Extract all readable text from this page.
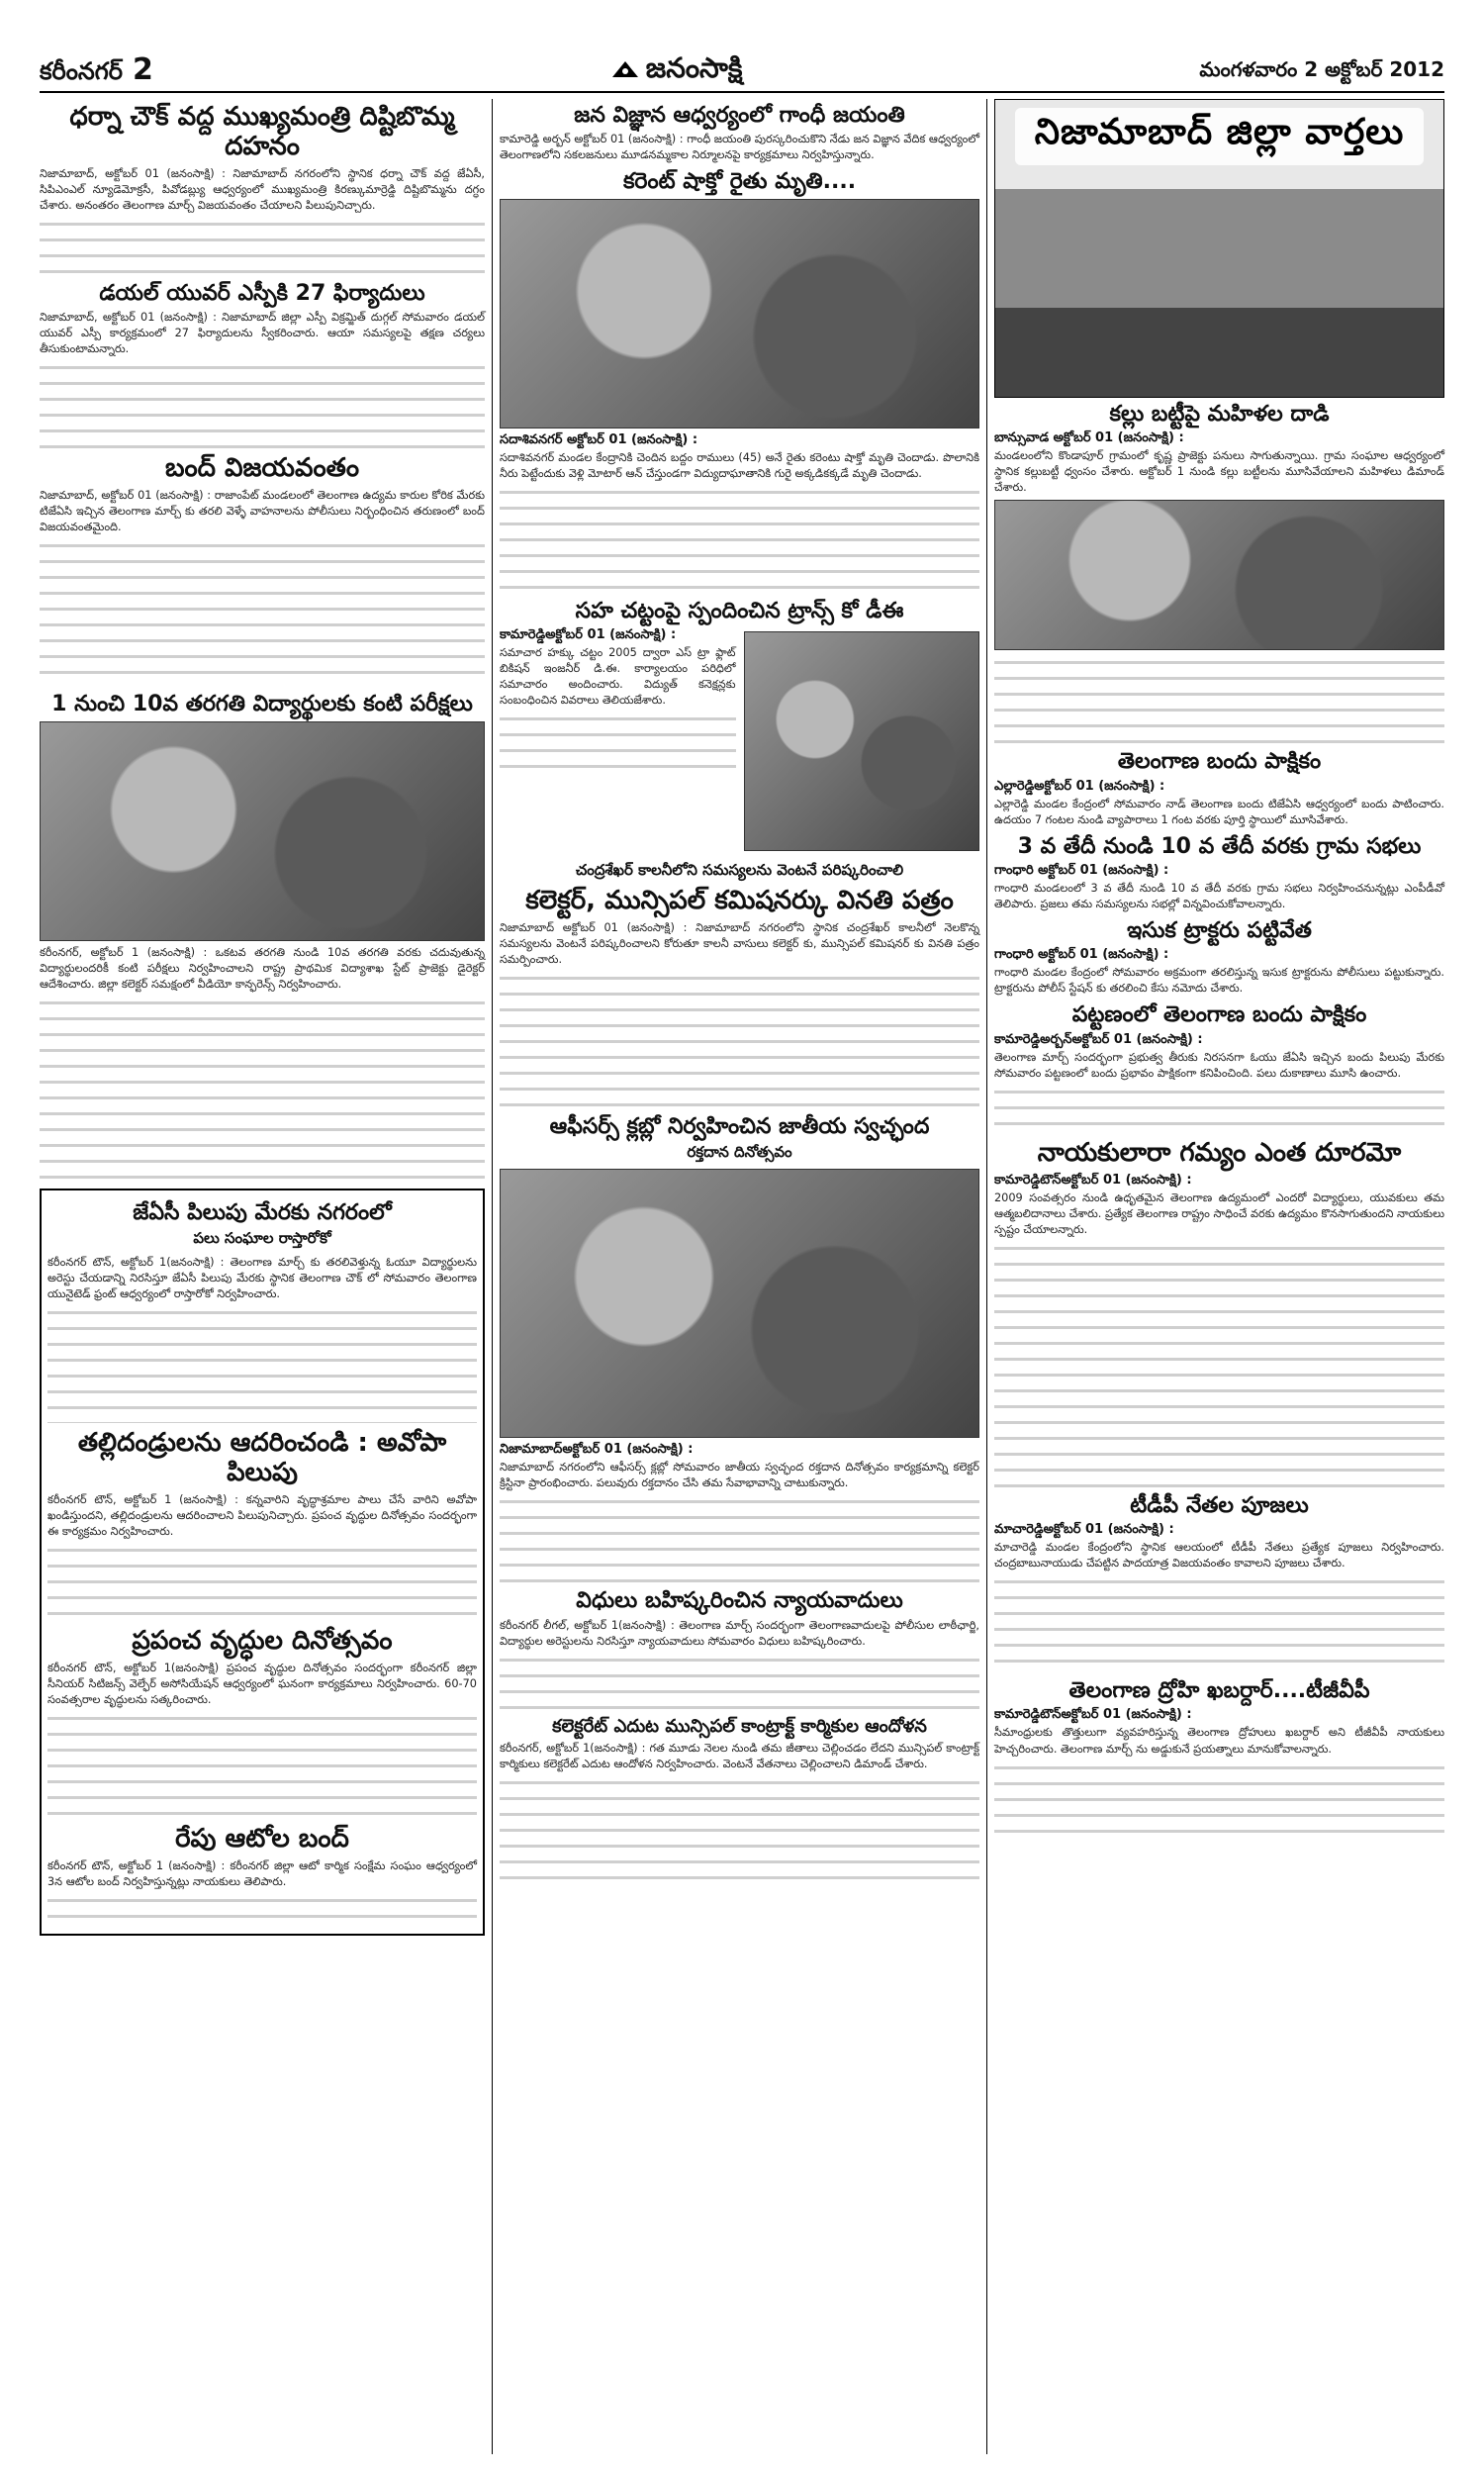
కరీంనగర్ 2	జనంసాక్షి	మంగళవారం 2 అక్టోబర్ 2012
ధర్నా చౌక్ వద్ద ముఖ్యమంత్రి దిష్టిబొమ్మ దహనం

నిజామాబాద్, అక్టోబర్ 01 (జనంసాక్షి) : నిజామాబాద్ నగరంలోని స్థానిక ధర్నా చౌక్ వద్ద జేఏసీ, సిపిఎంఎల్ న్యూడెమోక్రసీ, పివోడబ్ల్యు ఆధ్వర్యంలో ముఖ్యమంత్రి కిరణ్కుమార్రెడ్డి దిష్టిబొమ్మను దగ్ధం చేశారు. అనంతరం తెలంగాణ మార్చ్ విజయవంతం చేయాలని పిలుపునిచ్చారు.

డయల్ యువర్ ఎస్పీకి 27 ఫిర్యాదులు

నిజామాబాద్, అక్టోబర్ 01 (జనంసాక్షి) : నిజామాబాద్ జిల్లా ఎస్పీ విక్రమ్జిత్ దుగ్గల్ సోమవారం డయల్ యువర్ ఎస్పీ కార్యక్రమంలో 27 ఫిర్యాదులను స్వీకరించారు. ఆయా సమస్యలపై తక్షణ చర్యలు తీసుకుంటామన్నారు.

బంద్ విజయవంతం

నిజామాబాద్, అక్టోబర్ 01 (జనంసాక్షి) : రాజాంపేట్ మండలంలో తెలంగాణ ఉద్యమ కారుల కోరిక మేరకు టిజేఏసి ఇచ్చిన తెలంగాణ మార్చ్ కు తరలి వెళ్ళే వాహనాలను పోలీసులు నిర్బంధించిన తరుణంలో బంద్ విజయవంతమైంది.

1 నుంచి 10వ తరగతి విద్యార్థులకు కంటి పరీక్షలు

కరీంనగర్, అక్టోబర్ 1 (జనంసాక్షి) : ఒకటవ తరగతి నుండి 10వ తరగతి వరకు చదువుతున్న విద్యార్థులందరికీ కంటి పరీక్షలు నిర్వహించాలని రాష్ట్ర ప్రాథమిక విద్యాశాఖ స్టేట్ ప్రాజెక్టు డైరెక్టర్ ఆదేశించారు. జిల్లా కలెక్టర్ సమక్షంలో వీడియో కాన్ఫరెన్స్ నిర్వహించారు.

జేఏసీ పిలుపు మేరకు నగరంలో
పలు సంఘాల రాస్తారోకో

కరీంనగర్ టౌన్, అక్టోబర్ 1(జనంసాక్షి) : తెలంగాణ మార్చ్ కు తరలివెళ్తున్న ఓయూ విద్యార్థులను అరెస్టు చేయడాన్ని నిరసిస్తూ జేఏసీ పిలుపు మేరకు స్థానిక తెలంగాణ చౌక్ లో సోమవారం తెలంగాణ యునైటెడ్ ఫ్రంట్ ఆధ్వర్యంలో రాస్తారోకో నిర్వహించారు.

తల్లిదండ్రులను ఆదరించండి : అవోపా పిలుపు

కరీంనగర్ టౌన్, అక్టోబర్ 1 (జనంసాక్షి) : కన్నవారిని వృద్ధాశ్రమాల పాలు చేసే వారిని అవోపా ఖండిస్తుందని, తల్లిదండ్రులను ఆదరించాలని పిలుపునిచ్చారు. ప్రపంచ వృద్ధుల దినోత్సవం సందర్భంగా ఈ కార్యక్రమం నిర్వహించారు.

ప్రపంచ వృద్ధుల దినోత్సవం

కరీంనగర్ టౌన్, అక్టోబర్ 1(జనంసాక్షి) ప్రపంచ వృద్ధుల దినోత్సవం సందర్భంగా కరీంనగర్ జిల్లా సీనియర్ సిటిజన్స్ వెల్ఫేర్ అసోసియేషన్ ఆధ్వర్యంలో ఘనంగా కార్యక్రమాలు నిర్వహించారు. 60-70 సంవత్సరాల వృద్ధులను సత్కరించారు.

రేపు ఆటోల బంద్

కరీంనగర్ టౌన్, అక్టోబర్ 1 (జనంసాక్షి) : కరీంనగర్ జిల్లా ఆటో కార్మిక సంక్షేమ సంఘం ఆధ్వర్యంలో 3న ఆటోల బంద్ నిర్వహిస్తున్నట్లు నాయకులు తెలిపారు.

జన విజ్ఞాన ఆధ్వర్యంలో గాంధీ జయంతి

కామారెడ్డి అర్బన్ అక్టోబర్ 01 (జనంసాక్షి) : గాంధీ జయంతి పురస్కరించుకొని నేడు జన విజ్ఞాన వేదిక ఆధ్వర్యంలో తెలంగాణలోని సకలజనులు మూడనమ్మకాల నిర్మూలనపై కార్యక్రమాలు నిర్వహిస్తున్నారు.

కరెంట్ షాక్తో రైతు మృతి....
సదాశివనగర్ అక్టోబర్ 01 (జనంసాక్షి) :

సదాశివనగర్ మండల కేంద్రానికి చెందిన బద్దం రాములు (45) అనే రైతు కరెంటు షాక్తో మృతి చెందాడు. పొలానికి నీరు పెట్టేందుకు వెళ్లి మోటార్ ఆన్ చేస్తుండగా విద్యుదాఘాతానికి గురై అక్కడికక్కడే మృతి చెందాడు.

సహ చట్టంపై స్పందించిన ట్రాన్స్ కో డీఈ
కామారెడ్డిఅక్టోబర్ 01 (జనంసాక్షి) :

సమాచార హక్కు చట్టం 2005 ద్వారా ఎస్ ట్రా ఫ్లాట్ బికిషన్ ఇంజనీర్ డి.ఈ. కార్యాలయం పరిధిలో సమాచారం అందించారు. విద్యుత్ కనెక్షన్లకు సంబంధించిన వివరాలు తెలియజేశారు.

చంద్రశేఖర్ కాలనీలోని సమస్యలను వెంటనే పరిష్కరించాలి
కలెక్టర్, మున్సిపల్ కమిషనర్కు వినతి పత్రం

నిజామాబాద్ అక్టోబర్ 01 (జనంసాక్షి) : నిజామాబాద్ నగరంలోని స్థానిక చంద్రశేఖర్ కాలనీలో నెలకొన్న సమస్యలను వెంటనే పరిష్కరించాలని కోరుతూ కాలనీ వాసులు కలెక్టర్ కు, మున్సిపల్ కమిషనర్ కు వినతి పత్రం సమర్పించారు.

ఆఫీసర్స్ క్లబ్లో నిర్వహించిన జాతీయ స్వచ్ఛంద
రక్తదాన దినోత్సవం
నిజామాబాద్అక్టోబర్ 01 (జనంసాక్షి) :

నిజామాబాద్ నగరంలోని ఆఫీసర్స్ క్లబ్లో సోమవారం జాతీయ స్వచ్ఛంద రక్తదాన దినోత్సవం కార్యక్రమాన్ని కలెక్టర్ క్రిస్టినా ప్రారంభించారు. పలువురు రక్తదానం చేసి తమ సేవాభావాన్ని చాటుకున్నారు.

విధులు బహిష్కరించిన న్యాయవాదులు

కరీంనగర్ లీగల్, అక్టోబర్ 1(జనంసాక్షి) : తెలంగాణ మార్చ్ సందర్భంగా తెలంగాణవాదులపై పోలీసుల లాఠీఛార్జి, విద్యార్థుల అరెస్టులను నిరసిస్తూ న్యాయవాదులు సోమవారం విధులు బహిష్కరించారు.

కలెక్టరేట్ ఎదుట మున్సిపల్ కాంట్రాక్ట్ కార్మికుల ఆందోళన

కరీంనగర్, అక్టోబర్ 1(జనంసాక్షి) : గత మూడు నెలల నుండి తమ జీతాలు చెల్లించడం లేదని మున్సిపల్ కాంట్రాక్ట్ కార్మికులు కలెక్టరేట్ ఎదుట ఆందోళన నిర్వహించారు. వెంటనే వేతనాలు చెల్లించాలని డిమాండ్ చేశారు.

నిజామాబాద్ జిల్లా వార్తలు
కల్లు బట్టీపై మహిళల దాడి
బాన్సువాడ అక్టోబర్ 01 (జనంసాక్షి) :

మండలంలోని కొండాపూర్ గ్రామంలో కృష్ణ ప్రాజెక్టు పనులు సాగుతున్నాయి. గ్రామ సంఘాల ఆధ్వర్యంలో స్థానిక కల్లుబట్టీ ధ్వంసం చేశారు. అక్టోబర్ 1 నుండి కల్లు బట్టీలను మూసివేయాలని మహిళలు డిమాండ్ చేశారు.

తెలంగాణ బందు పాక్షికం
ఎల్లారెడ్డిఅక్టోబర్ 01 (జనంసాక్షి) :

ఎల్లారెడ్డి మండల కేంద్రంలో సోమవారం నాడ్ తెలంగాణ బందు టిజేఏసి ఆధ్వర్యంలో బందు పాటించారు. ఉదయం 7 గంటల నుండి వ్యాపారాలు 1 గంట వరకు పూర్తి స్థాయిలో మూసివేశారు.

3 వ తేదీ నుండి 10 వ తేదీ వరకు గ్రామ సభలు
గాంధారి అక్టోబర్ 01 (జనంసాక్షి) :

గాంధారి మండలంలో 3 వ తేదీ నుండి 10 వ తేదీ వరకు గ్రామ సభలు నిర్వహించనున్నట్లు ఎంపీడీవో తెలిపారు. ప్రజలు తమ సమస్యలను సభల్లో విన్నవించుకోవాలన్నారు.

ఇసుక ట్రాక్టరు పట్టివేత
గాంధారి అక్టోబర్ 01 (జనంసాక్షి) :

గాంధారి మండల కేంద్రంలో సోమవారం అక్రమంగా తరలిస్తున్న ఇసుక ట్రాక్టరును పోలీసులు పట్టుకున్నారు. ట్రాక్టరును పోలీస్ స్టేషన్ కు తరలించి కేసు నమోదు చేశారు.

పట్టణంలో తెలంగాణ బందు పాక్షికం
కామారెడ్డిఅర్బన్అక్టోబర్ 01 (జనంసాక్షి) :

తెలంగాణ మార్చ్ సందర్భంగా ప్రభుత్వ తీరుకు నిరసనగా ఓయు జేఏసి ఇచ్చిన బందు పిలుపు మేరకు సోమవారం పట్టణంలో బందు ప్రభావం పాక్షికంగా కనిపించింది. పలు దుకాణాలు మూసి ఉంచారు.

నాయకులారా గమ్యం ఎంత దూరమో
కామారెడ్డిటౌన్అక్టోబర్ 01 (జనంసాక్షి) :

2009 సంవత్సరం నుండి ఉధృతమైన తెలంగాణ ఉద్యమంలో ఎందరో విద్యార్థులు, యువకులు తమ ఆత్మబలిదానాలు చేశారు. ప్రత్యేక తెలంగాణ రాష్ట్రం సాధించే వరకు ఉద్యమం కొనసాగుతుందని నాయకులు స్పష్టం చేయాలన్నారు.

టీడీపీ నేతల పూజలు
మాచారెడ్డిఅక్టోబర్ 01 (జనంసాక్షి) :

మాచారెడ్డి మండల కేంద్రంలోని స్థానిక ఆలయంలో టీడీపీ నేతలు ప్రత్యేక పూజలు నిర్వహించారు. చంద్రబాబునాయుడు చేపట్టిన పాదయాత్ర విజయవంతం కావాలని పూజలు చేశారు.

తెలంగాణ ద్రోహి ఖబర్దార్....టీజీవీపీ
కామారెడ్డిటౌన్అక్టోబర్ 01 (జనంసాక్షి) :

సీమాంధ్రులకు తొత్తులుగా వ్యవహరిస్తున్న తెలంగాణ ద్రోహులు ఖబర్దార్ అని టీజీవీపీ నాయకులు హెచ్చరించారు. తెలంగాణ మార్చ్ ను అడ్డుకునే ప్రయత్నాలు మానుకోవాలన్నారు.
